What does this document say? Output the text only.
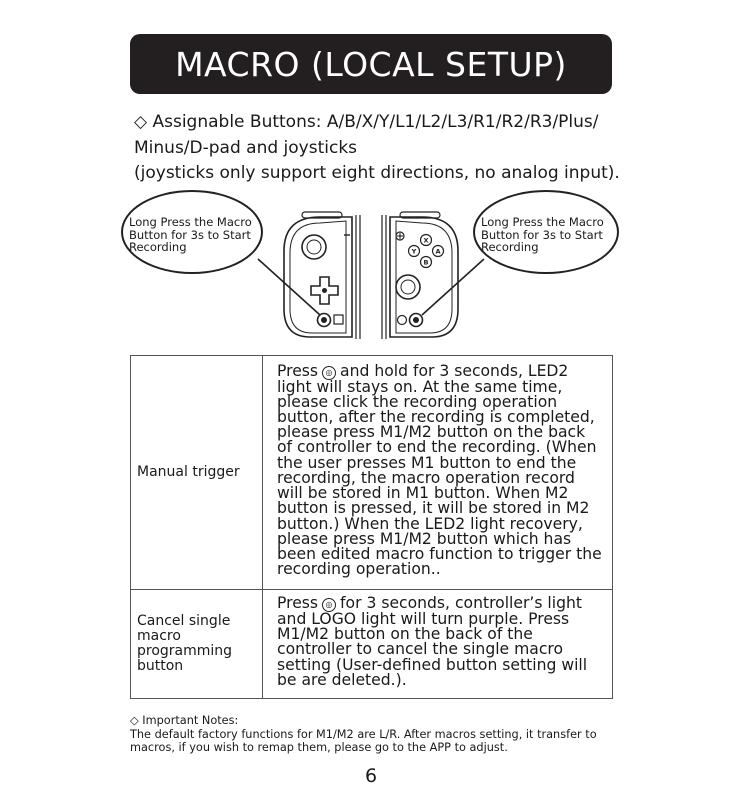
MACRO (LOCAL SETUP)

◇ Assignable Buttons: A/B/X/Y/L1/L2/L3/R1/R2/R3/Plus/

Minus/D-pad and joysticks

(joysticks only support eight directions, no analog input).

Long Press the Macro Button for 3s to Start Recording
Long Press the Macro Button for 3s to Start Recording
X
Y	A
B
Manual trigger	Press ◎ and hold for 3 seconds, LED2 light will stays on. At the same time, please click the recording operation button, after the recording is completed, please press M1/M2 button on the back of controller to end the recording. (When the user presses M1 button to end the recording, the macro operation record will be stored in M1 button. When M2 button is pressed, it will be stored in M2 button.) When the LED2 light recovery, please press M1/M2 button which has been edited macro function to trigger the recording operation..
Cancel single macro programming button	Press ◎ for 3 seconds, controller’s light and LOGO light will turn purple. Press M1/M2 button on the back of the controller to cancel the single macro setting (User-defined button setting will be are deleted.).

◇ Important Notes:

The default factory functions for M1/M2 are L/R. After macros setting, it transfer to macros, if you wish to remap them, please go to the APP to adjust.

6
